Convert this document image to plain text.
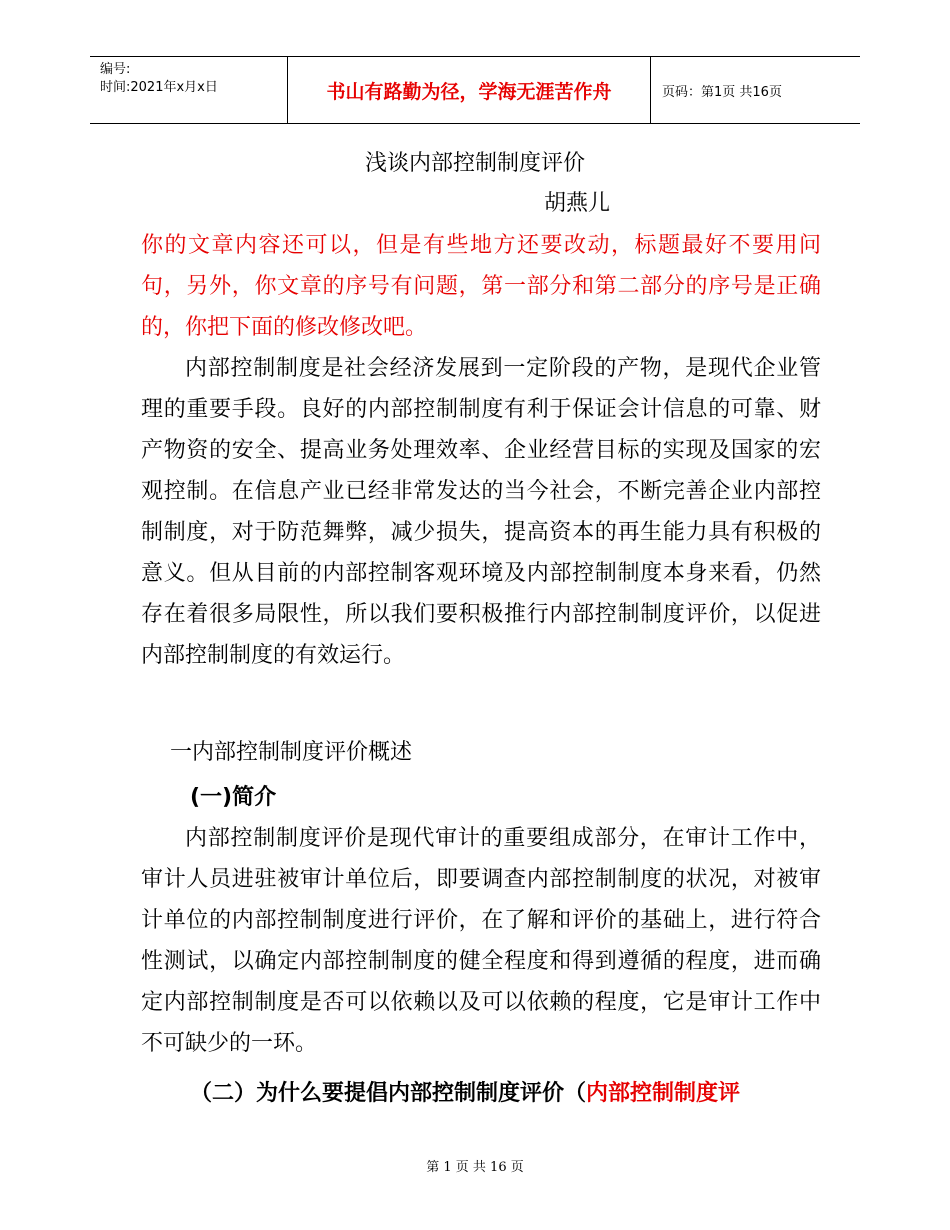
编号:
时间:2021年x月x日	书山有路勤为径，学海无涯苦作舟	页码：第1页 共16页
浅谈内部控制制度评价
胡燕儿

你的文章内容还可以，但是有些地方还要改动，标题最好不要用问句，另外，你文章的序号有问题，第一部分和第二部分的序号是正确的，你把下面的修改修改吧。

内部控制制度是社会经济发展到一定阶段的产物，是现代企业管理的重要手段。良好的内部控制制度有利于保证会计信息的可靠、财产物资的安全、提高业务处理效率、企业经营目标的实现及国家的宏观控制。在信息产业已经非常发达的当今社会，不断完善企业内部控制制度，对于防范舞弊，减少损失，提高资本的再生能力具有积极的意义。但从目前的内部控制客观环境及内部控制制度本身来看，仍然存在着很多局限性，所以我们要积极推行内部控制制度评价，以促进内部控制制度的有效运行。

一内部控制制度评价概述
(一)简介

内部控制制度评价是现代审计的重要组成部分，在审计工作中，审计人员进驻被审计单位后，即要调查内部控制制度的状况，对被审计单位的内部控制制度进行评价，在了解和评价的基础上，进行符合性测试，以确定内部控制制度的健全程度和得到遵循的程度，进而确定内部控制制度是否可以依赖以及可以依赖的程度，它是审计工作中不可缺少的一环。

（二）为什么要提倡内部控制制度评价（内部控制制度评
第 1 页 共 16 页
